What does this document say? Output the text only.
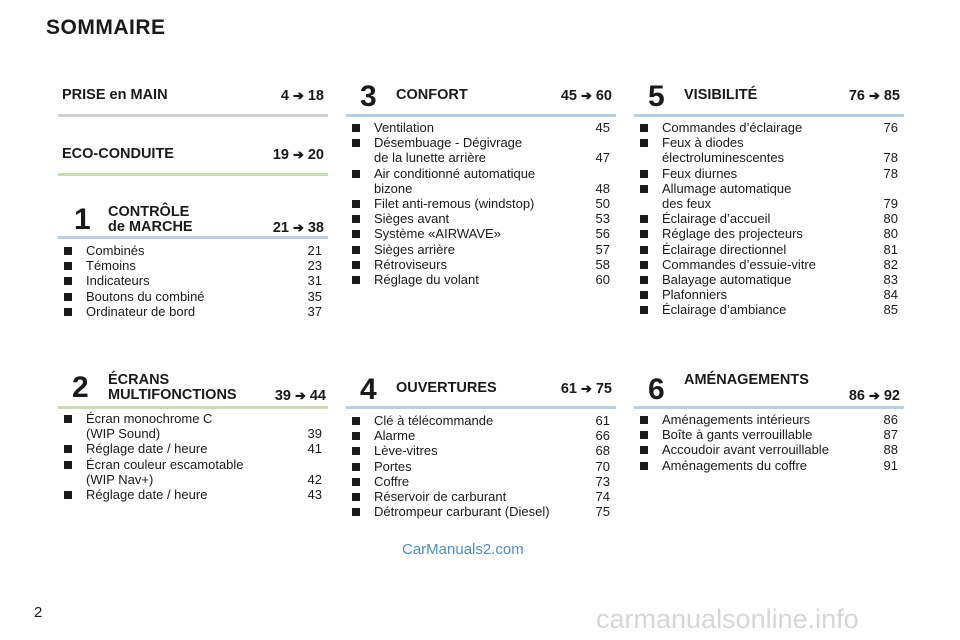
SOMMAIRE
PRISE en MAIN	4 ➔ 18
ECO-CONDUITE	19 ➔ 20
1 CONTRÔLE
de MARCHE	21 ➔ 38
Combinés	21
Témoins	23
Indicateurs	31
Boutons du combiné	35
Ordinateur de bord	37
2 ÉCRANS
MULTIFONCTIONS	39 ➔ 44
Écran monochrome C
(WIP Sound)	39
Réglage date / heure	41
Écran couleur escamotable
(WIP Nav+)	42
Réglage date / heure	43
3 CONFORT	45 ➔ 60
Ventilation	45
Désembuage - Dégivrage
de la lunette arrière	47
Air conditionné automatique
bizone	48
Filet anti-remous (windstop)	50
Sièges avant	53
Système «AIRWAVE»	56
Sièges arrière	57
Rétroviseurs	58
Réglage du volant	60
4 OUVERTURES	61 ➔ 75
Clé à télécommande	61
Alarme	66
Lève-vitres	68
Portes	70
Coffre	73
Réservoir de carburant	74
Détrompeur carburant (Diesel)	75
5 VISIBILITÉ	76 ➔ 85
Commandes d’éclairage	76
Feux à diodes
électroluminescentes	78
Feux diurnes	78
Allumage automatique
des feux	79
Éclairage d’accueil	80
Réglage des projecteurs	80
Éclairage directionnel	81
Commandes d’essuie-vitre	82
Balayage automatique	83
Plafonniers	84
Éclairage d’ambiance	85
6 AMÉNAGEMENTS
86 ➔ 92
Aménagements intérieurs	86
Boîte à gants verrouillable	87
Accoudoir avant verrouillable	88
Aménagements du coffre	91
CarManuals2.com
2	carmanualsonline.info
